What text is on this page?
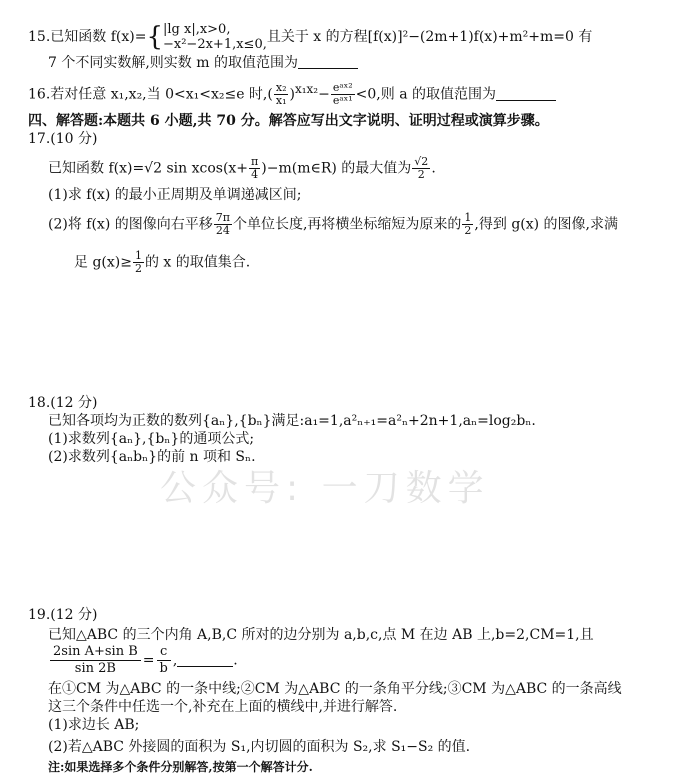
15.已知函数 f(x)={ |lg x|,x>0,
−x²−2x+1,x≤0, 且关于 x 的方程[f(x)]²−(2m+1)f(x)+m²+m=0 有
7 个不同实数解,则实数 m 的取值范围为
16.若对任意 x₁,x₂,当 0<x₁<x₂≤e 时,( $\frac{\text{x₂}}{\text{x₁}} )^{x_1x_2}- \frac{\text{eᵃˣ²}}{\text{eᵃˣ¹}} <0$,则 a 的取值范围为
四、解答题:本题共 6 小题,共 70 分。解答应写出文字说明、证明过程或演算步骤。
17.(10 分)
已知函数 f(x)=√2 $\sin xcos(x+ \frac{\pi}{4}$ )−m(m∈R) 的最大值为 $\frac{√2}{2}$ .
(1)求 f(x) 的最小正周期及单调递减区间;
(2)将 f(x) 的图像向右平移 $\frac{7\pi}{24}$ 个单位长度,再将横坐标缩短为原来的 $\frac{1}{2}$ ,得到 g(x) 的图像,求满
足 $g(x)\ge \frac{1}{2}$ 的 x 的取值集合.
18.(12 分)
已知各项均为正数的数列{aₙ},{bₙ}满足:a₁=1,a²ₙ₊₁=a²ₙ+2n+1,aₙ=log₂bₙ.
(1)求数列{aₙ},{bₙ}的通项公式;
(2)求数列{aₙbₙ}的前 n 项和 Sₙ.
公众号: 一刀数学
19.(12 分)
已知△ABC 的三个内角 A,B,C 所对的边分别为 a,b,c,点 M 在边 AB 上,b=2,CM=1,且
$\frac{\text{2sin A+sin B}}{\sin 2B} = \frac{c}{b}$ ,	.
在①CM 为△ABC 的一条中线;②CM 为△ABC 的一条角平分线;③CM 为△ABC 的一条高线
这三个条件中任选一个,补充在上面的横线中,并进行解答.
(1)求边长 AB;
(2)若△ABC 外接圆的面积为 S₁,内切圆的面积为 S₂,求 S₁−S₂ 的值.
注:如果选择多个条件分别解答,按第一个解答计分.
